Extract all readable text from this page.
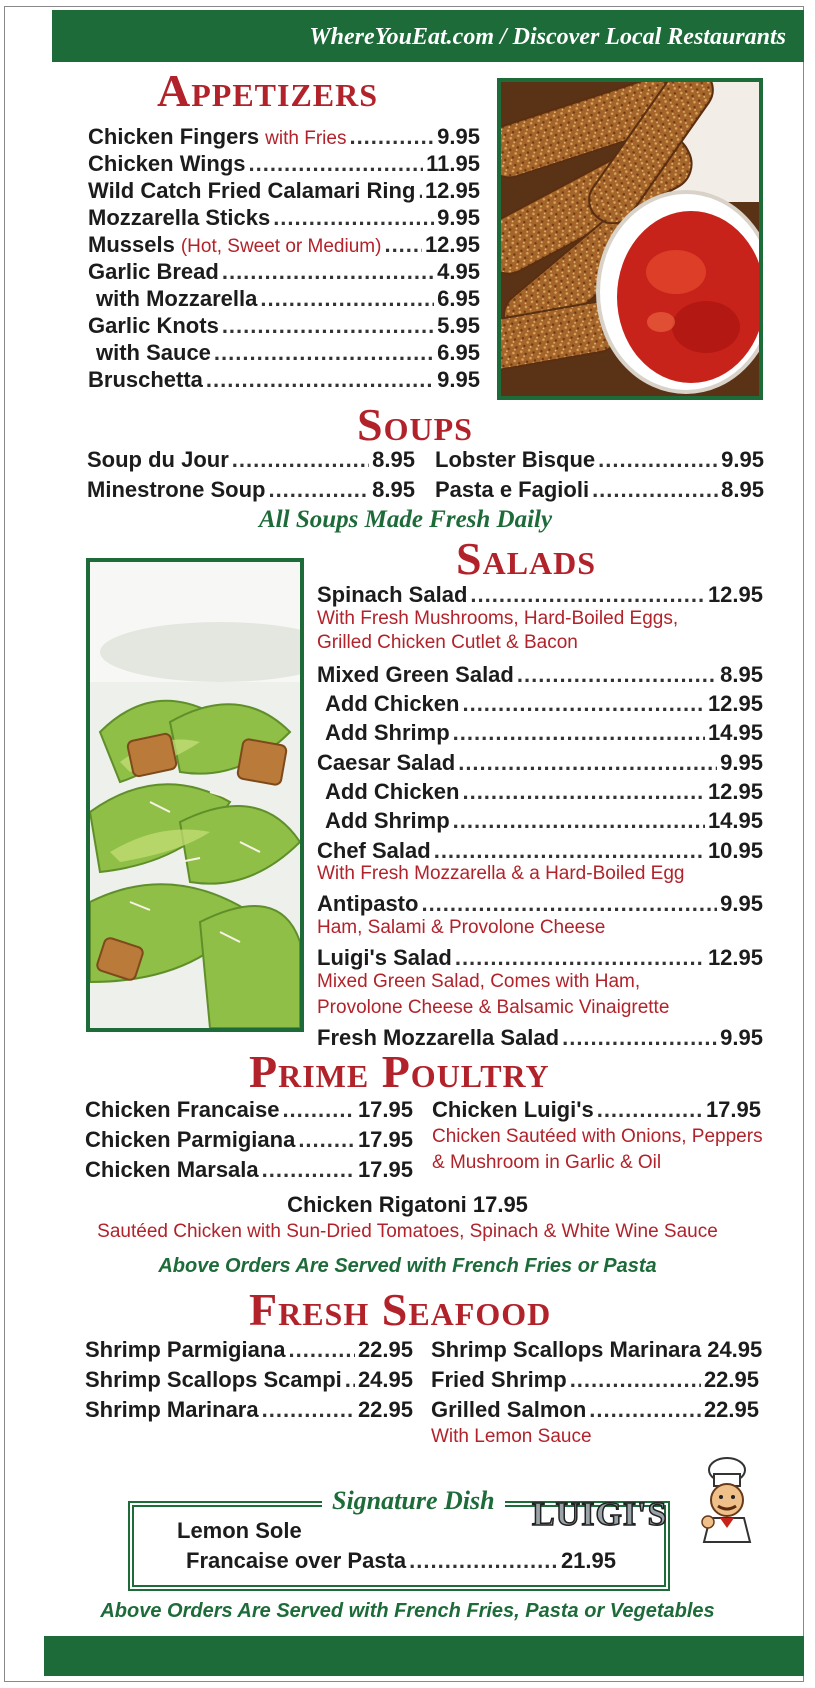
WhereYouEat.com / Discover Local Restaurants
Appetizers
Chicken Fingers with Fries .....	9.95
Chicken Wings .....	11.95
Wild Catch Fried Calamari Ring ..... 12.95
Mozzarella Sticks .....	9.95
Mussels (Hot, Sweet or Medium) ..... 12.95
Garlic Bread .....	4.95
with Mozzarella .....	6.95
Garlic Knots .....	5.95
with Sauce .....	6.95
Bruschetta .....	9.95
Soups
Soup du Jour .....	8.95
Minestrone Soup .....	8.95
Lobster Bisque .....	9.95
Pasta e Fagioli .....	8.95
All Soups Made Fresh Daily
Salads
Spinach Salad .....	12.95
With Fresh Mushrooms, Hard-Boiled Eggs,
Grilled Chicken Cutlet & Bacon
Mixed Green Salad .....	8.95
Add Chicken .....	12.95
Add Shrimp .....	14.95
Caesar Salad .....	9.95
Add Chicken .....	12.95
Add Shrimp .....	14.95
Chef Salad .....	10.95
With Fresh Mozzarella & a Hard-Boiled Egg
Antipasto .....	9.95
Ham, Salami & Provolone Cheese
Luigi's Salad .....	12.95
Mixed Green Salad, Comes with Ham,
Provolone Cheese & Balsamic Vinaigrette
Fresh Mozzarella Salad .....	9.95
Prime Poultry
Chicken Francaise .....	17.95
Chicken Parmigiana .....	17.95
Chicken Marsala .....	17.95
Chicken Luigi's .....	17.95
Chicken Sautéed with Onions, Peppers
& Mushroom in Garlic & Oil
Chicken Rigatoni 17.95
Sautéed Chicken with Sun-Dried Tomatoes, Spinach & White Wine Sauce
Above Orders Are Served with French Fries or Pasta
Fresh Seafood
Shrimp Parmigiana .....	22.95
Shrimp Scallops Scampi ..... 24.95
Shrimp Marinara .....	22.95
Shrimp Scallops Marinara 24.95
Fried Shrimp .....	22.95
Grilled Salmon .....	22.95
With Lemon Sauce
Signature Dish
Lemon Sole
Francaise over Pasta .....	21.95
LUIGI'S
Above Orders Are Served with French Fries, Pasta or Vegetables
